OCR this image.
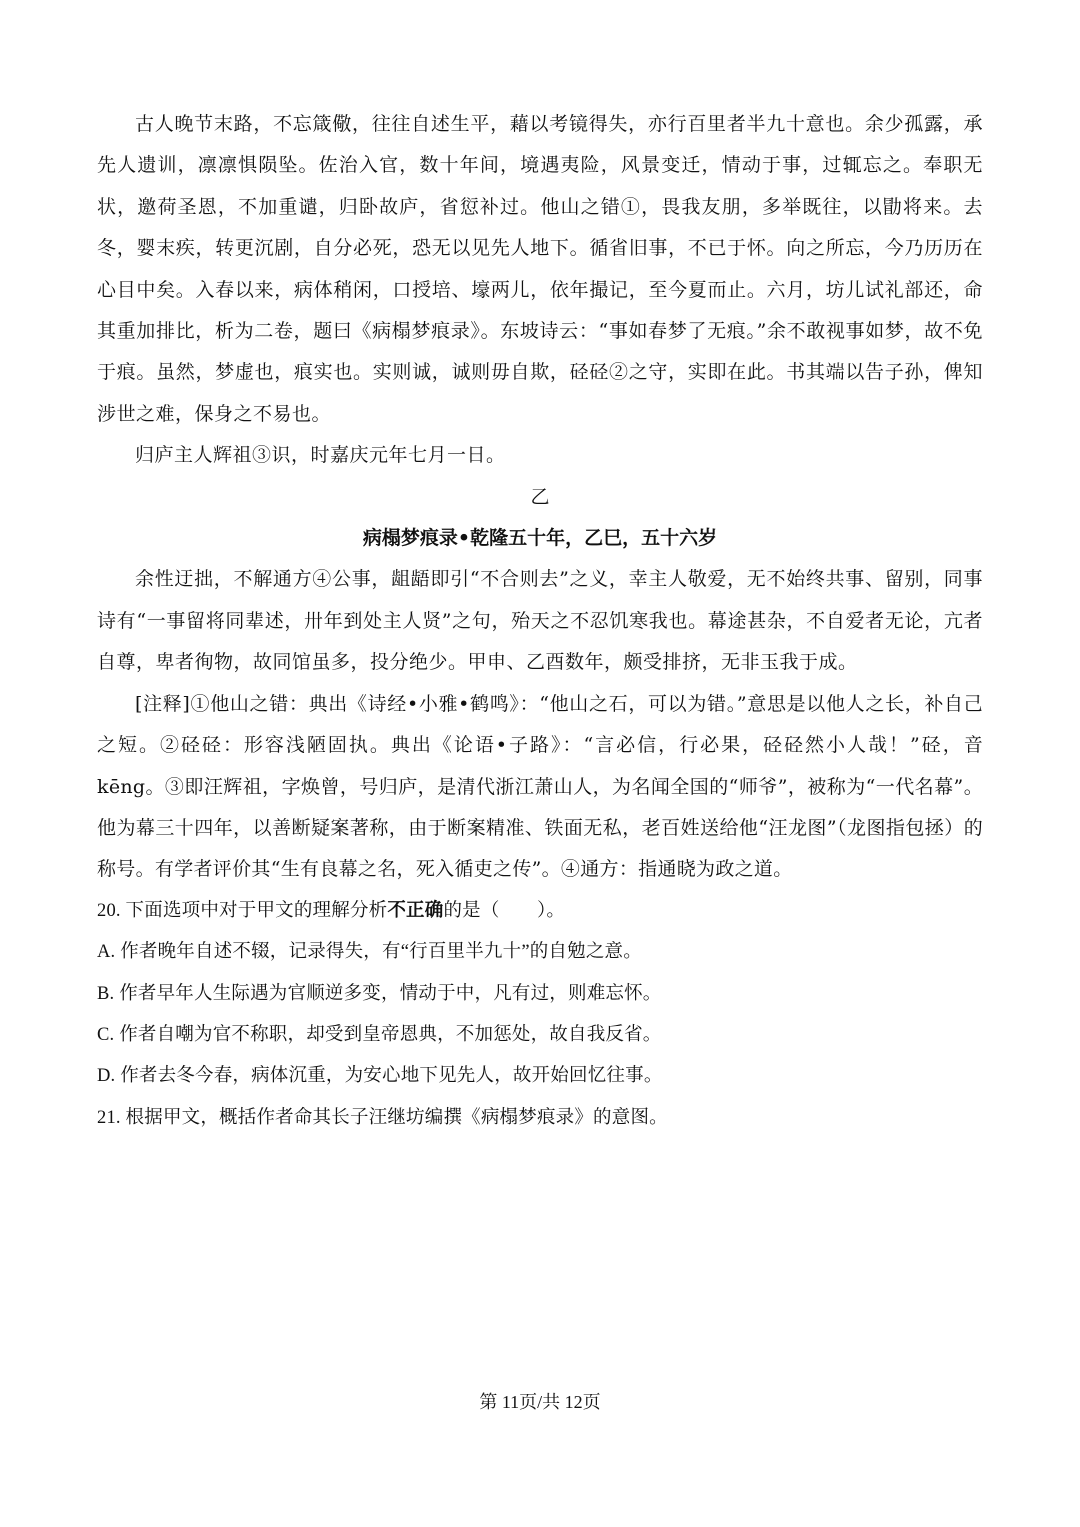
古人晚节末路，不忘箴儆，往往自述生平，藉以考镜得失，亦行百里者半九十意也。余少孤露，承先人遗训，凛凛惧陨坠。佐治入官，数十年间，境遇夷险，风景变迁，情动于事，过辄忘之。奉职无状，邀荷圣恩，不加重谴，归卧故庐，省愆补过。他山之错①，畏我友朋，多举既往，以勖将来。去冬，婴末疾，转更沉剧，自分必死，恐无以见先人地下。循省旧事，不已于怀。向之所忘，今乃历历在心目中矣。入春以来，病体稍闲，口授培、壕两儿，依年撮记，至今夏而止。六月，坊儿试礼部还，命其重加排比，析为二卷，题曰《病榻梦痕录》。东坡诗云：“事如春梦了无痕。”余不敢视事如梦，故不免于痕。虽然，梦虚也，痕实也。实则诚，诚则毋自欺，硁硁②之守，实即在此。书其端以告子孙，俾知涉世之难，保身之不易也。

归庐主人辉祖③识，时嘉庆元年七月一日。

乙

病榻梦痕录•乾隆五十年，乙巳，五十六岁

余性迂拙，不解通方④公事，龃龉即引“不合则去”之义，幸主人敬爱，无不始终共事、留别，同事诗有“一事留将同辈述，卅年到处主人贤”之句，殆天之不忍饥寒我也。幕途甚杂，不自爱者无论，亢者自尊，卑者徇物，故同馆虽多，投分绝少。甲申、乙酉数年，颇受排挤，无非玉我于成。

[注释]①他山之错：典出《诗经•小雅•鹤鸣》：“他山之石，可以为错。”意思是以他人之长，补自己之短。②硁硁：形容浅陋固执。典出《论语•子路》：“言必信，行必果，硁硁然小人哉！”硁，音 kēng。③即汪辉祖，字焕曾，号归庐，是清代浙江萧山人，为名闻全国的“师爷”，被称为“一代名幕”。他为幕三十四年，以善断疑案著称，由于断案精准、铁面无私，老百姓送给他“汪龙图”（龙图指包拯）的称号。有学者评价其“生有良幕之名，死入循吏之传”。④通方：指通晓为政之道。

20. 下面选项中对于甲文的理解分析不正确的是（　　）。

A. 作者晚年自述不辍，记录得失，有“行百里半九十”的自勉之意。

B. 作者早年人生际遇为官顺逆多变，情动于中，凡有过，则难忘怀。

C. 作者自嘲为官不称职，却受到皇帝恩典，不加惩处，故自我反省。

D. 作者去冬今春，病体沉重，为安心地下见先人，故开始回忆往事。

21. 根据甲文，概括作者命其长子汪继坊编撰《病榻梦痕录》的意图。

第 11页/共 12页
